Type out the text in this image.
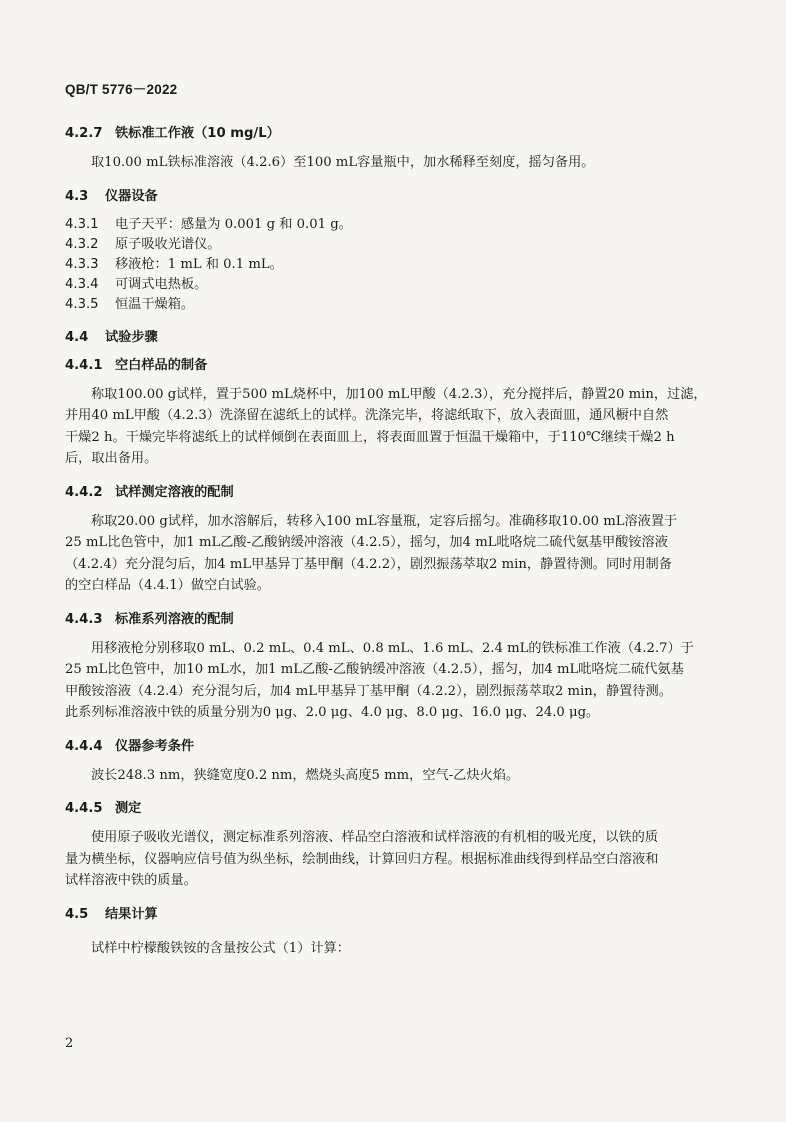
QB/T 5776－2022
4.2.7 铁标准工作液（10 mg/L）
取10.00 mL铁标准溶液（4.2.6）至100 mL容量瓶中，加水稀释至刻度，摇匀备用。
4.3 仪器设备
4.3.1 电子天平：感量为 0.001 g 和 0.01 g。
4.3.2 原子吸收光谱仪。
4.3.3 移液枪：1 mL 和 0.1 mL。
4.3.4 可调式电热板。
4.3.5 恒温干燥箱。
4.4 试验步骤
4.4.1 空白样品的制备
称取100.00 g试样，置于500 mL烧杯中，加100 mL甲酸（4.2.3），充分搅拌后，静置20 min，过滤，
并用40 mL甲酸（4.2.3）洗涤留在滤纸上的试样。洗涤完毕，将滤纸取下，放入表面皿，通风橱中自然
干燥2 h。干燥完毕将滤纸上的试样倾倒在表面皿上，将表面皿置于恒温干燥箱中，于110℃继续干燥2 h
后，取出备用。
4.4.2 试样测定溶液的配制
称取20.00 g试样，加水溶解后，转移入100 mL容量瓶，定容后摇匀。准确移取10.00 mL溶液置于
25 mL比色管中，加1 mL乙酸-乙酸钠缓冲溶液（4.2.5），摇匀，加4 mL吡咯烷二硫代氨基甲酸铵溶液
（4.2.4）充分混匀后，加4 mL甲基异丁基甲酮（4.2.2），剧烈振荡萃取2 min，静置待测。同时用制备
的空白样品（4.4.1）做空白试验。
4.4.3 标准系列溶液的配制
用移液枪分别移取0 mL、0.2 mL、0.4 mL、0.8 mL、1.6 mL、2.4 mL的铁标准工作液（4.2.7）于
25 mL比色管中，加10 mL水，加1 mL乙酸-乙酸钠缓冲溶液（4.2.5），摇匀，加4 mL吡咯烷二硫代氨基
甲酸铵溶液（4.2.4）充分混匀后，加4 mL甲基异丁基甲酮（4.2.2），剧烈振荡萃取2 min，静置待测。
此系列标准溶液中铁的质量分别为0 μg、2.0 μg、4.0 μg、8.0 μg、16.0 μg、24.0 μg。
4.4.4 仪器参考条件
波长248.3 nm，狭缝宽度0.2 nm，燃烧头高度5 mm，空气-乙炔火焰。
4.4.5 测定
使用原子吸收光谱仪，测定标准系列溶液、样品空白溶液和试样溶液的有机相的吸光度，以铁的质
量为横坐标，仪器响应信号值为纵坐标，绘制曲线，计算回归方程。根据标准曲线得到样品空白溶液和
试样溶液中铁的质量。
4.5 结果计算
试样中柠檬酸铁铵的含量按公式（1）计算：
2
